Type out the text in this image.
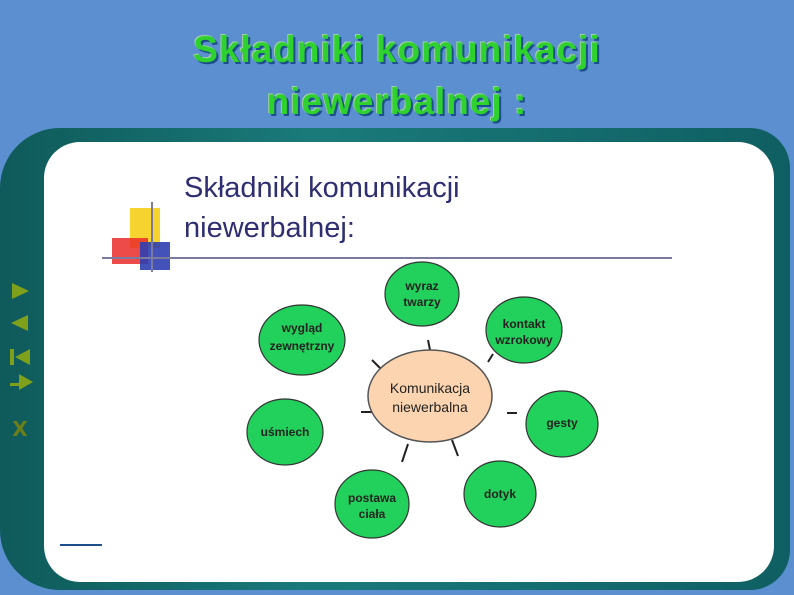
Składniki komunikacji
niewerbalnej :
X
Komunikacja
niewerbalna
wyraz
twarzy
kontakt
wzrokowy
gesty
dotyk
postawa
ciała
uśmiech
wygląd
zewnętrzny
Składniki komunikacji
niewerbalnej:
